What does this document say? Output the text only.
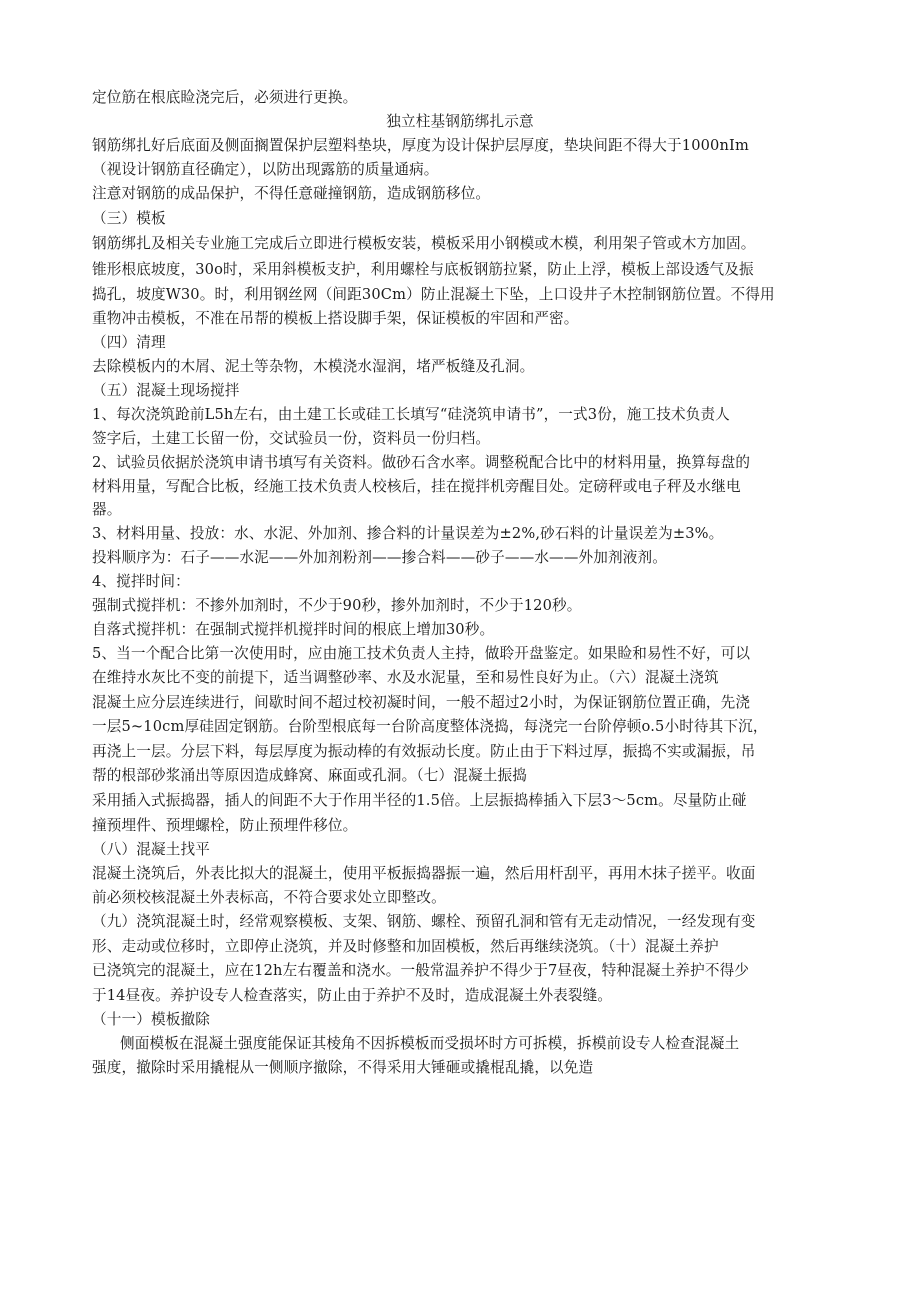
定位筋在根底睑浇完后，必须进行更换。
独立柱基钢筋绑扎示意
钢筋绑扎好后底面及侧面搁置保护层塑料垫块，厚度为设计保护层厚度，垫块间距不得大于1000nIm
（视设计钢筋直径确定），以防出现露筋的质量通病。
注意对钢筋的成品保护，不得任意碰撞钢筋，造成钢筋移位。
（三）模板
钢筋绑扎及相关专业施工完成后立即进行模板安装，模板采用小钢模或木模，利用架子管或木方加固。
锥形根底坡度，30o时，采用斜模板支护，利用螺栓与底板钢筋拉紧，防止上浮，模板上部设透气及振
捣孔，坡度W30。时，利用钢丝网（间距30Cm）防止混凝土下坠，上口设井子木控制钢筋位置。不得用
重物冲击模板，不准在吊帮的模板上搭设脚手架，保证模板的牢固和严密。
（四）清理
去除模板内的木屑、泥土等杂物，木模浇水湿润，堵严板缝及孔洞。
（五）混凝土现场搅拌
1、每次浇筑跄前L5h左右，由土建工长或硅工长填写“硅浇筑申请书”，一式3份，施工技术负责人
签字后，土建工长留一份，交试验员一份，资料员一份归档。
2、试验员依据於浇筑申请书填写有关资料。做砂石含水率。调整税配合比中的材料用量，换算每盘的
材料用量，写配合比板，经施工技术负责人校核后，挂在搅拌机旁醒目处。定磅秤或电子秤及水继电
器。
3、材料用量、投放：水、水泥、外加剂、掺合料的计量误差为±2%,砂石料的计量误差为±3%。
投料顺序为：石子——水泥——外加剂粉剂——掺合料——砂子——水——外加剂液剂。
4、搅拌时间：
强制式搅拌机：不掺外加剂时，不少于90秒，掺外加剂时，不少于120秒。
自落式搅拌机：在强制式搅拌机搅拌时间的根底上增加30秒。
5、当一个配合比第一次使用时，应由施工技术负责人主持，做聆开盘鉴定。如果睑和易性不好，可以
在维持水灰比不变的前提下，适当调整砂率、水及水泥量，至和易性良好为止。（六）混凝土浇筑
混凝土应分层连续进行，间歇时间不超过校初凝时间，一般不超过2小时，为保证钢筋位置正确，先浇
一层5~10cm厚硅固定钢筋。台阶型根底每一台阶高度整体浇捣，每浇完一台阶停顿o.5小时待其下沉，
再浇上一层。分层下料，每层厚度为振动棒的有效振动长度。防止由于下料过厚，振捣不实或漏振，吊
帮的根部砂浆涌出等原因造成蜂窝、麻面或孔洞。（七）混凝土振捣
采用插入式振捣器，插人的间距不大于作用半径的1.5倍。上层振捣棒插入下层3〜5cm。尽量防止碰
撞预埋件、预埋螺栓，防止预埋件移位。
（八）混凝土找平
混凝土浇筑后，外表比拟大的混凝土，使用平板振捣器振一遍，然后用杆刮平，再用木抹子搓平。收面
前必须校核混凝土外表标高，不符合要求处立即整改。
（九）浇筑混凝土时，经常观察模板、支架、钢筋、螺栓、预留孔洞和管有无走动情况，一经发现有变
形、走动或位移时，立即停止浇筑，并及时修整和加固模板，然后再继续浇筑。（十）混凝土养护
已浇筑完的混凝土，应在12h左右覆盖和浇水。一般常温养护不得少于7昼夜，特种混凝土养护不得少
于14昼夜。养护设专人检查落实，防止由于养护不及时，造成混凝土外表裂缝。
（十一）模板撤除
侧面模板在混凝土强度能保证其棱角不因拆模板而受损坏时方可拆模，拆模前设专人检查混凝土
强度，撤除时采用撬棍从一侧顺序撤除，不得采用大锤砸或撬棍乱撬，以免造
